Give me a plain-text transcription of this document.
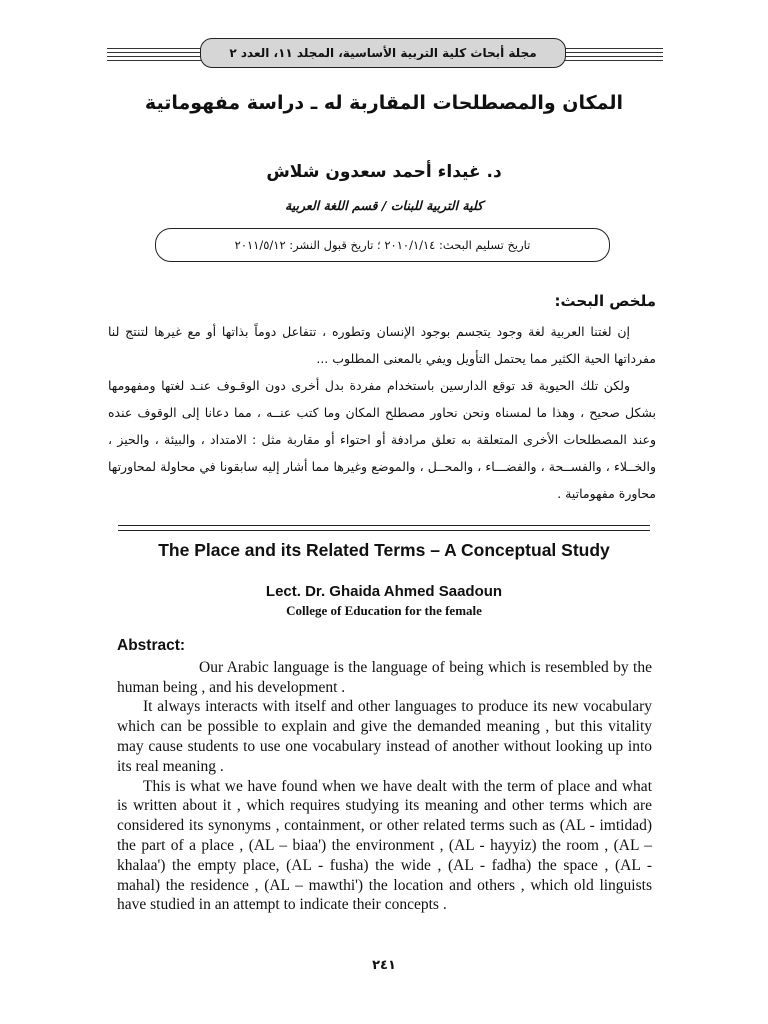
مجلة أبحاث كلية التربية الأساسية، المجلد ١١، العدد ٢
المكان والمصطلحات المقاربة له ـ دراسة مفهوماتية
د. غيداء أحمد سعدون شلاش
كلية التربية للبنات / قسم اللغة العربية
تاريخ تسليم البحث: ٢٠١٠/١/١٤ ؛ تاريخ قبول النشر: ٢٠١١/٥/١٢
ملخص البحث:

إن لغتنا العربية لغة وجود يتجسم بوجود الإنسان وتطوره ، تتفاعل دوماً بذاتها أو مع غيرها لتنتج لنا مفرداتها الحية الكثير مما يحتمل التأويل ويفي بالمعنى المطلوب ...

ولكن تلك الحيوية قد توقع الدارسين باستخدام مفردة بدل أخرى دون الوقـوف عنـد لغتها ومفهومها بشكل صحيح ، وهذا ما لمسناه ونحن نحاور مصطلح المكان وما كتب عنــه ، مما دعانا إلى الوقوف عنده وعند المصطلحات الأخرى المتعلقة به تعلق مرادفة أو احتواء أو مقاربة مثل : الامتداد ، والبيئة ، والحيز ، والخــلاء ، والفســحة ، والفضـــاء ، والمحــل ، والموضع وغيرها مما أشار إليه سابقونا في محاولة لمحاورتها محاورة مفهوماتية .

The Place and its Related Terms – A Conceptual Study
Lect. Dr. Ghaida Ahmed Saadoun
College of Education for the female
Abstract:

Our Arabic language is the language of being which is resembled by the human being , and his development .

It always interacts with itself and other languages to produce its new vocabulary which can be possible to explain and give the demanded meaning , but this vitality may cause students to use one vocabulary instead of another without looking up into its real meaning .

This is what we have found when we have dealt with the term of place and what is written about it , which requires studying its meaning and other terms which are considered its synonyms , containment, or other related terms such as (AL - imtidad) the part of a place , (AL – biaa') the environment , (AL - hayyiz) the room , (AL – khalaa') the empty place, (AL - fusha) the wide , (AL - fadha) the space , (AL - mahal) the residence , (AL – mawthi') the location and others , which old linguists have studied in an attempt to indicate their concepts .

٢٤١
